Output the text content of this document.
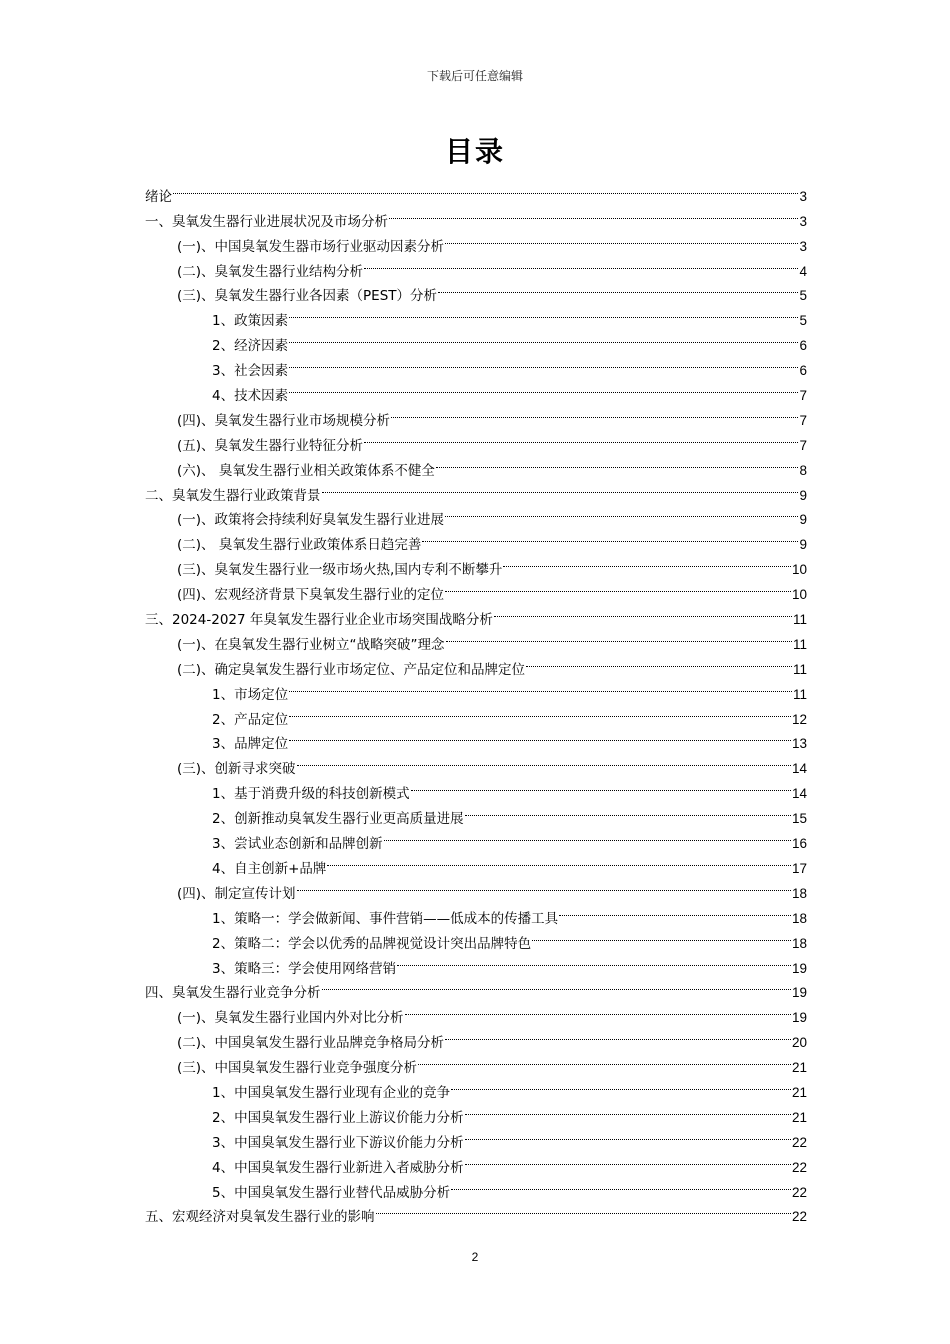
下载后可任意编辑
目录
绪论	3
一、臭氧发生器行业进展状况及市场分析	3
(一)、中国臭氧发生器市场行业驱动因素分析	3
(二)、臭氧发生器行业结构分析	4
(三)、臭氧发生器行业各因素（PEST）分析	5
1、政策因素	5
2、经济因素	6
3、社会因素	6
4、技术因素	7
(四)、臭氧发生器行业市场规模分析	7
(五)、臭氧发生器行业特征分析	7
(六)、 臭氧发生器行业相关政策体系不健全	8
二、臭氧发生器行业政策背景	9
(一)、政策将会持续利好臭氧发生器行业进展	9
(二)、 臭氧发生器行业政策体系日趋完善	9
(三)、臭氧发生器行业一级市场火热,国内专利不断攀升	10
(四)、宏观经济背景下臭氧发生器行业的定位	10
三、2024-2027 年臭氧发生器行业企业市场突围战略分析	11
(一)、在臭氧发生器行业树立“战略突破”理念	11
(二)、确定臭氧发生器行业市场定位、产品定位和品牌定位	11
1、市场定位	11
2、产品定位	12
3、品牌定位	13
(三)、创新寻求突破	14
1、基于消费升级的科技创新模式	14
2、创新推动臭氧发生器行业更高质量进展	15
3、尝试业态创新和品牌创新	16
4、自主创新+品牌	17
(四)、制定宣传计划	18
1、策略一：学会做新闻、事件营销——低成本的传播工具	18
2、策略二：学会以优秀的品牌视觉设计突出品牌特色	18
3、策略三：学会使用网络营销	19
四、臭氧发生器行业竞争分析	19
(一)、臭氧发生器行业国内外对比分析	19
(二)、中国臭氧发生器行业品牌竞争格局分析	20
(三)、中国臭氧发生器行业竞争强度分析	21
1、中国臭氧发生器行业现有企业的竞争	21
2、中国臭氧发生器行业上游议价能力分析	21
3、中国臭氧发生器行业下游议价能力分析	22
4、中国臭氧发生器行业新进入者威胁分析	22
5、中国臭氧发生器行业替代品威胁分析	22
五、宏观经济对臭氧发生器行业的影响	22
2
